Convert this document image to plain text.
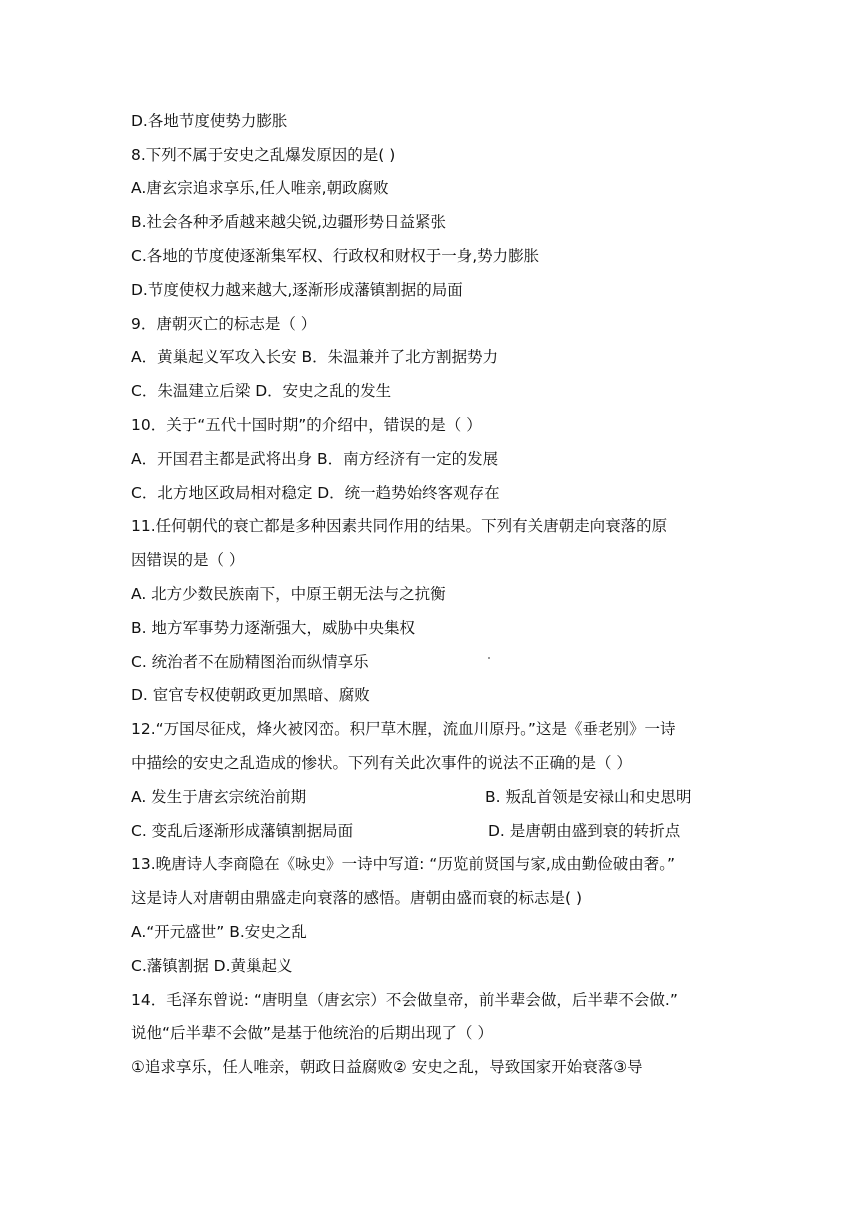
D.各地节度使势力膨胀
8.下列不属于安史之乱爆发原因的是( )
A.唐玄宗追求享乐,任人唯亲,朝政腐败
B.社会各种矛盾越来越尖锐,边疆形势日益紧张
C.各地的节度使逐渐集军权、行政权和财权于一身,势力膨胀
D.节度使权力越来越大,逐渐形成藩镇割据的局面
9．唐朝灭亡的标志是（ ）
A．黄巢起义军攻入长安 B．朱温兼并了北方割据势力
C．朱温建立后梁 D．安史之乱的发生
10．关于“五代十国时期”的介绍中，错误的是（ ）
A．开国君主都是武将出身 B．南方经济有一定的发展
C．北方地区政局相对稳定 D．统一趋势始终客观存在
11.任何朝代的衰亡都是多种因素共同作用的结果。下列有关唐朝走向衰落的原
因错误的是（ ）
A. 北方少数民族南下，中原王朝无法与之抗衡
B. 地方军事势力逐渐强大，威胁中央集权
C. 统治者不在励精图治而纵情享乐
D. 宦官专权使朝政更加黑暗、腐败
12.“万国尽征戍，烽火被冈峦。积尸草木腥，流血川原丹。”这是《垂老别》一诗
中描绘的安史之乱造成的惨状。下列有关此次事件的说法不正确的是（ ）
A. 发生于唐玄宗统治前期	B. 叛乱首领是安禄山和史思明
C. 变乱后逐渐形成藩镇割据局面	D. 是唐朝由盛到衰的转折点
13.晚唐诗人李商隐在《咏史》一诗中写道: “历览前贤国与家,成由勤俭破由奢。”
这是诗人对唐朝由鼎盛走向衰落的感悟。唐朝由盛而衰的标志是( )
A.“开元盛世” B.安史之乱
C.藩镇割据 D.黄巢起义
14．毛泽东曾说: “唐明皇（唐玄宗）不会做皇帝，前半辈会做，后半辈不会做.”
说他“后半辈不会做”是基于他统治的后期出现了（ ）
①追求享乐，任人唯亲，朝政日益腐败② 安史之乱，导致国家开始衰落③导
